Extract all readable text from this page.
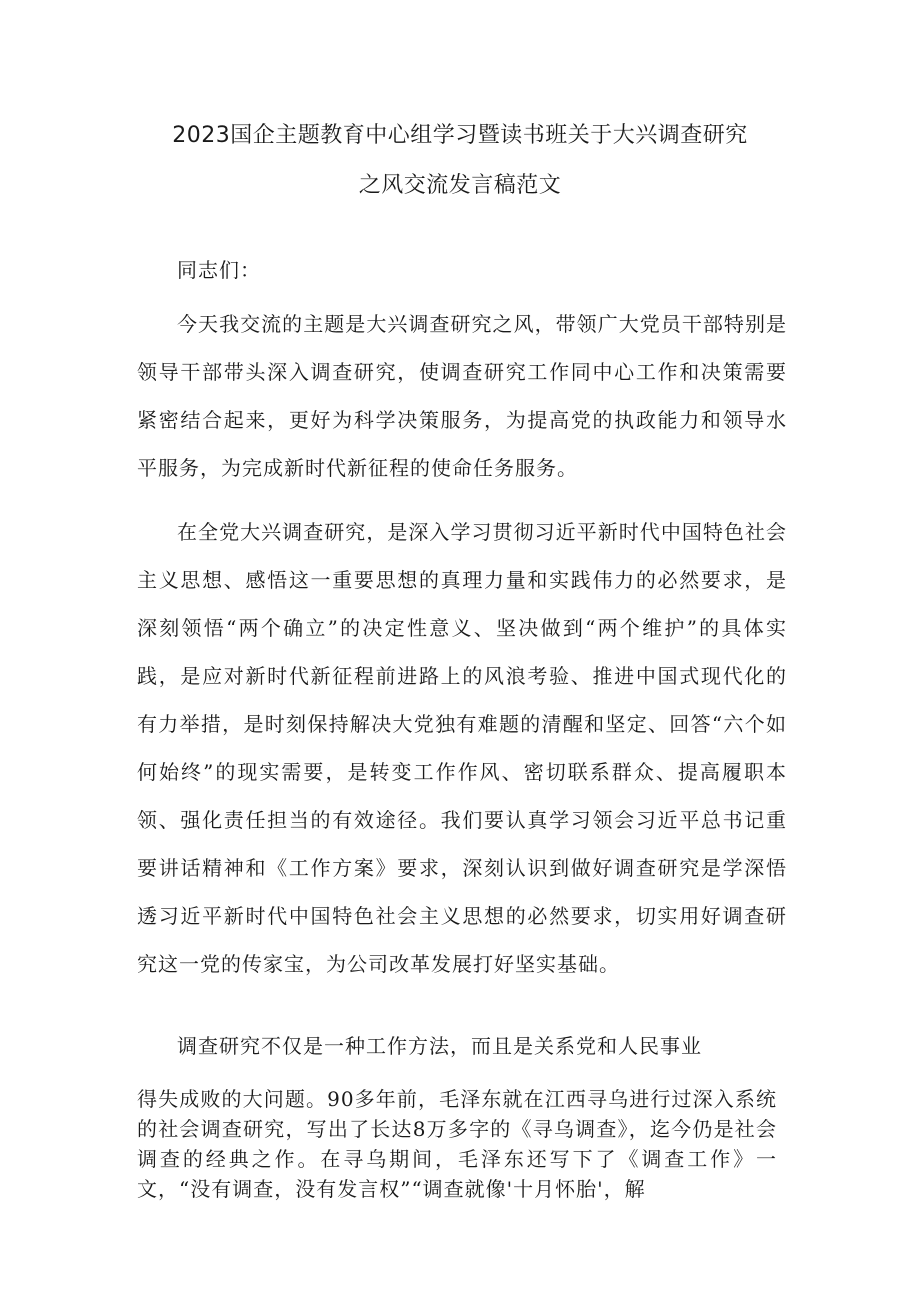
2023国企主题教育中心组学习暨读书班关于大兴调查研究
之风交流发言稿范文

同志们：

今天我交流的主题是大兴调查研究之风，带领广大党员干部特别是领导干部带头深入调查研究，使调查研究工作同中心工作和决策需要紧密结合起来，更好为科学决策服务，为提高党的执政能力和领导水平服务，为完成新时代新征程的使命任务服务。

在全党大兴调查研究，是深入学习贯彻习近平新时代中国特色社会主义思想、感悟这一重要思想的真理力量和实践伟力的必然要求，是深刻领悟“两个确立”的决定性意义、坚决做到“两个维护”的具体实践，是应对新时代新征程前进路上的风浪考验、推进中国式现代化的有力举措，是时刻保持解决大党独有难题的清醒和坚定、回答“六个如何始终”的现实需要，是转变工作作风、密切联系群众、提高履职本领、强化责任担当的有效途径。我们要认真学习领会习近平总书记重要讲话精神和《工作方案》要求，深刻认识到做好调查研究是学深悟透习近平新时代中国特色社会主义思想的必然要求，切实用好调查研究这一党的传家宝，为公司改革发展打好坚实基础。

调查研究不仅是一种工作方法，而且是关系党和人民事业

得失成败的大问题。90多年前，毛泽东就在江西寻乌进行过深入系统的社会调查研究，写出了长达8万多字的《寻乌调查》，迄今仍是社会调查的经典之作。在寻乌期间，毛泽东还写下了《调查工作》一文，“没有调查，没有发言权”“调查就像'十月怀胎'，解
